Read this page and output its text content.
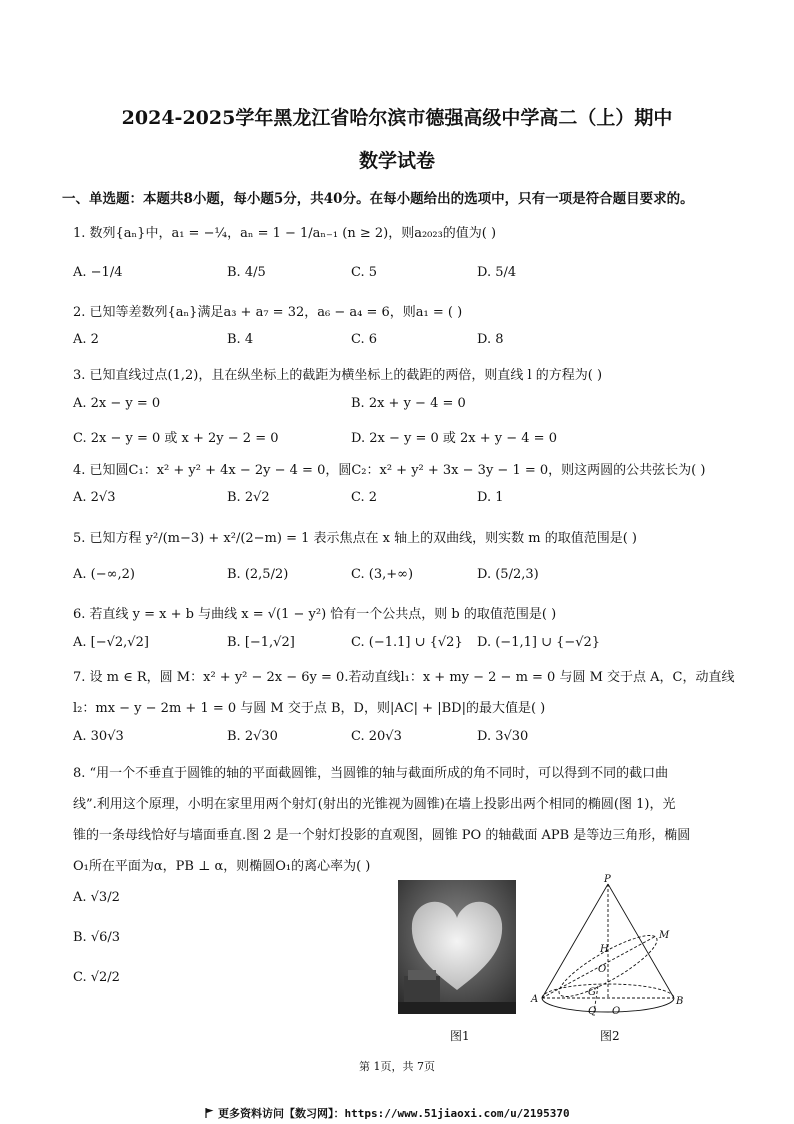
2024-2025学年黑龙江省哈尔滨市德强高级中学高二（上）期中
数学试卷
一、单选题：本题共8小题，每小题5分，共40分。在每小题给出的选项中，只有一项是符合题目要求的。
1. 数列{aₙ}中，a₁ = −¼，aₙ = 1 − 1/aₙ₋₁ (n ≥ 2)，则a₂₀₂₃的值为( )
A. −1/4	B. 4/5	C. 5	D. 5/4
2. 已知等差数列{aₙ}满足a₃ + a₇ = 32，a₆ − a₄ = 6，则a₁ = ( )
A. 2	B. 4	C. 6	D. 8
3. 已知直线过点(1,2)，且在纵坐标上的截距为横坐标上的截距的两倍，则直线 l 的方程为( )
A. 2x − y = 0	B. 2x + y − 4 = 0
C. 2x − y = 0 或 x + 2y − 2 = 0	D. 2x − y = 0 或 2x + y − 4 = 0
4. 已知圆C₁：x² + y² + 4x − 2y − 4 = 0，圆C₂：x² + y² + 3x − 3y − 1 = 0，则这两圆的公共弦长为( )
A. 2√3	B. 2√2	C. 2	D. 1
5. 已知方程 y²/(m−3) + x²/(2−m) = 1 表示焦点在 x 轴上的双曲线，则实数 m 的取值范围是( )
A. (−∞,2)	B. (2,5/2)	C. (3,+∞)	D. (5/2,3)
6. 若直线 y = x + b 与曲线 x = √(1 − y²) 恰有一个公共点，则 b 的取值范围是( )
A. [−√2,√2]	B. [−1,√2]	C. (−1.1] ∪ {√2} D. (−1,1] ∪ {−√2}
7. 设 m ∈ R，圆 M：x² + y² − 2x − 6y = 0.若动直线l₁：x + my − 2 − m = 0 与圆 M 交于点 A，C，动直线
l₂：mx − y − 2m + 1 = 0 与圆 M 交于点 B，D，则|AC| + |BD|的最大值是( )
A. 30√3	B. 2√30	C. 20√3	D. 3√30
8. “用一个不垂直于圆锥的轴的平面截圆锥，当圆锥的轴与截面所成的角不同时，可以得到不同的截口曲
线”.利用这个原理，小明在家里用两个射灯(射出的光锥视为圆锥)在墙上投影出两个相同的椭圆(图 1)，光
锥的一条母线恰好与墙面垂直.图 2 是一个射灯投影的直观图，圆锥 PO 的轴截面 APB 是等边三角形，椭圆
O₁所在平面为α，PB ⊥ α，则椭圆O₁的离心率为( )
A. √3/2
B. √6/3
C. √2/2
图1
P
M
H
O
A
G
Q O
B
图2
第 1页，共 7页
更多资料访问【数习网】：https://www.51jiaoxi.com/u/2195370
